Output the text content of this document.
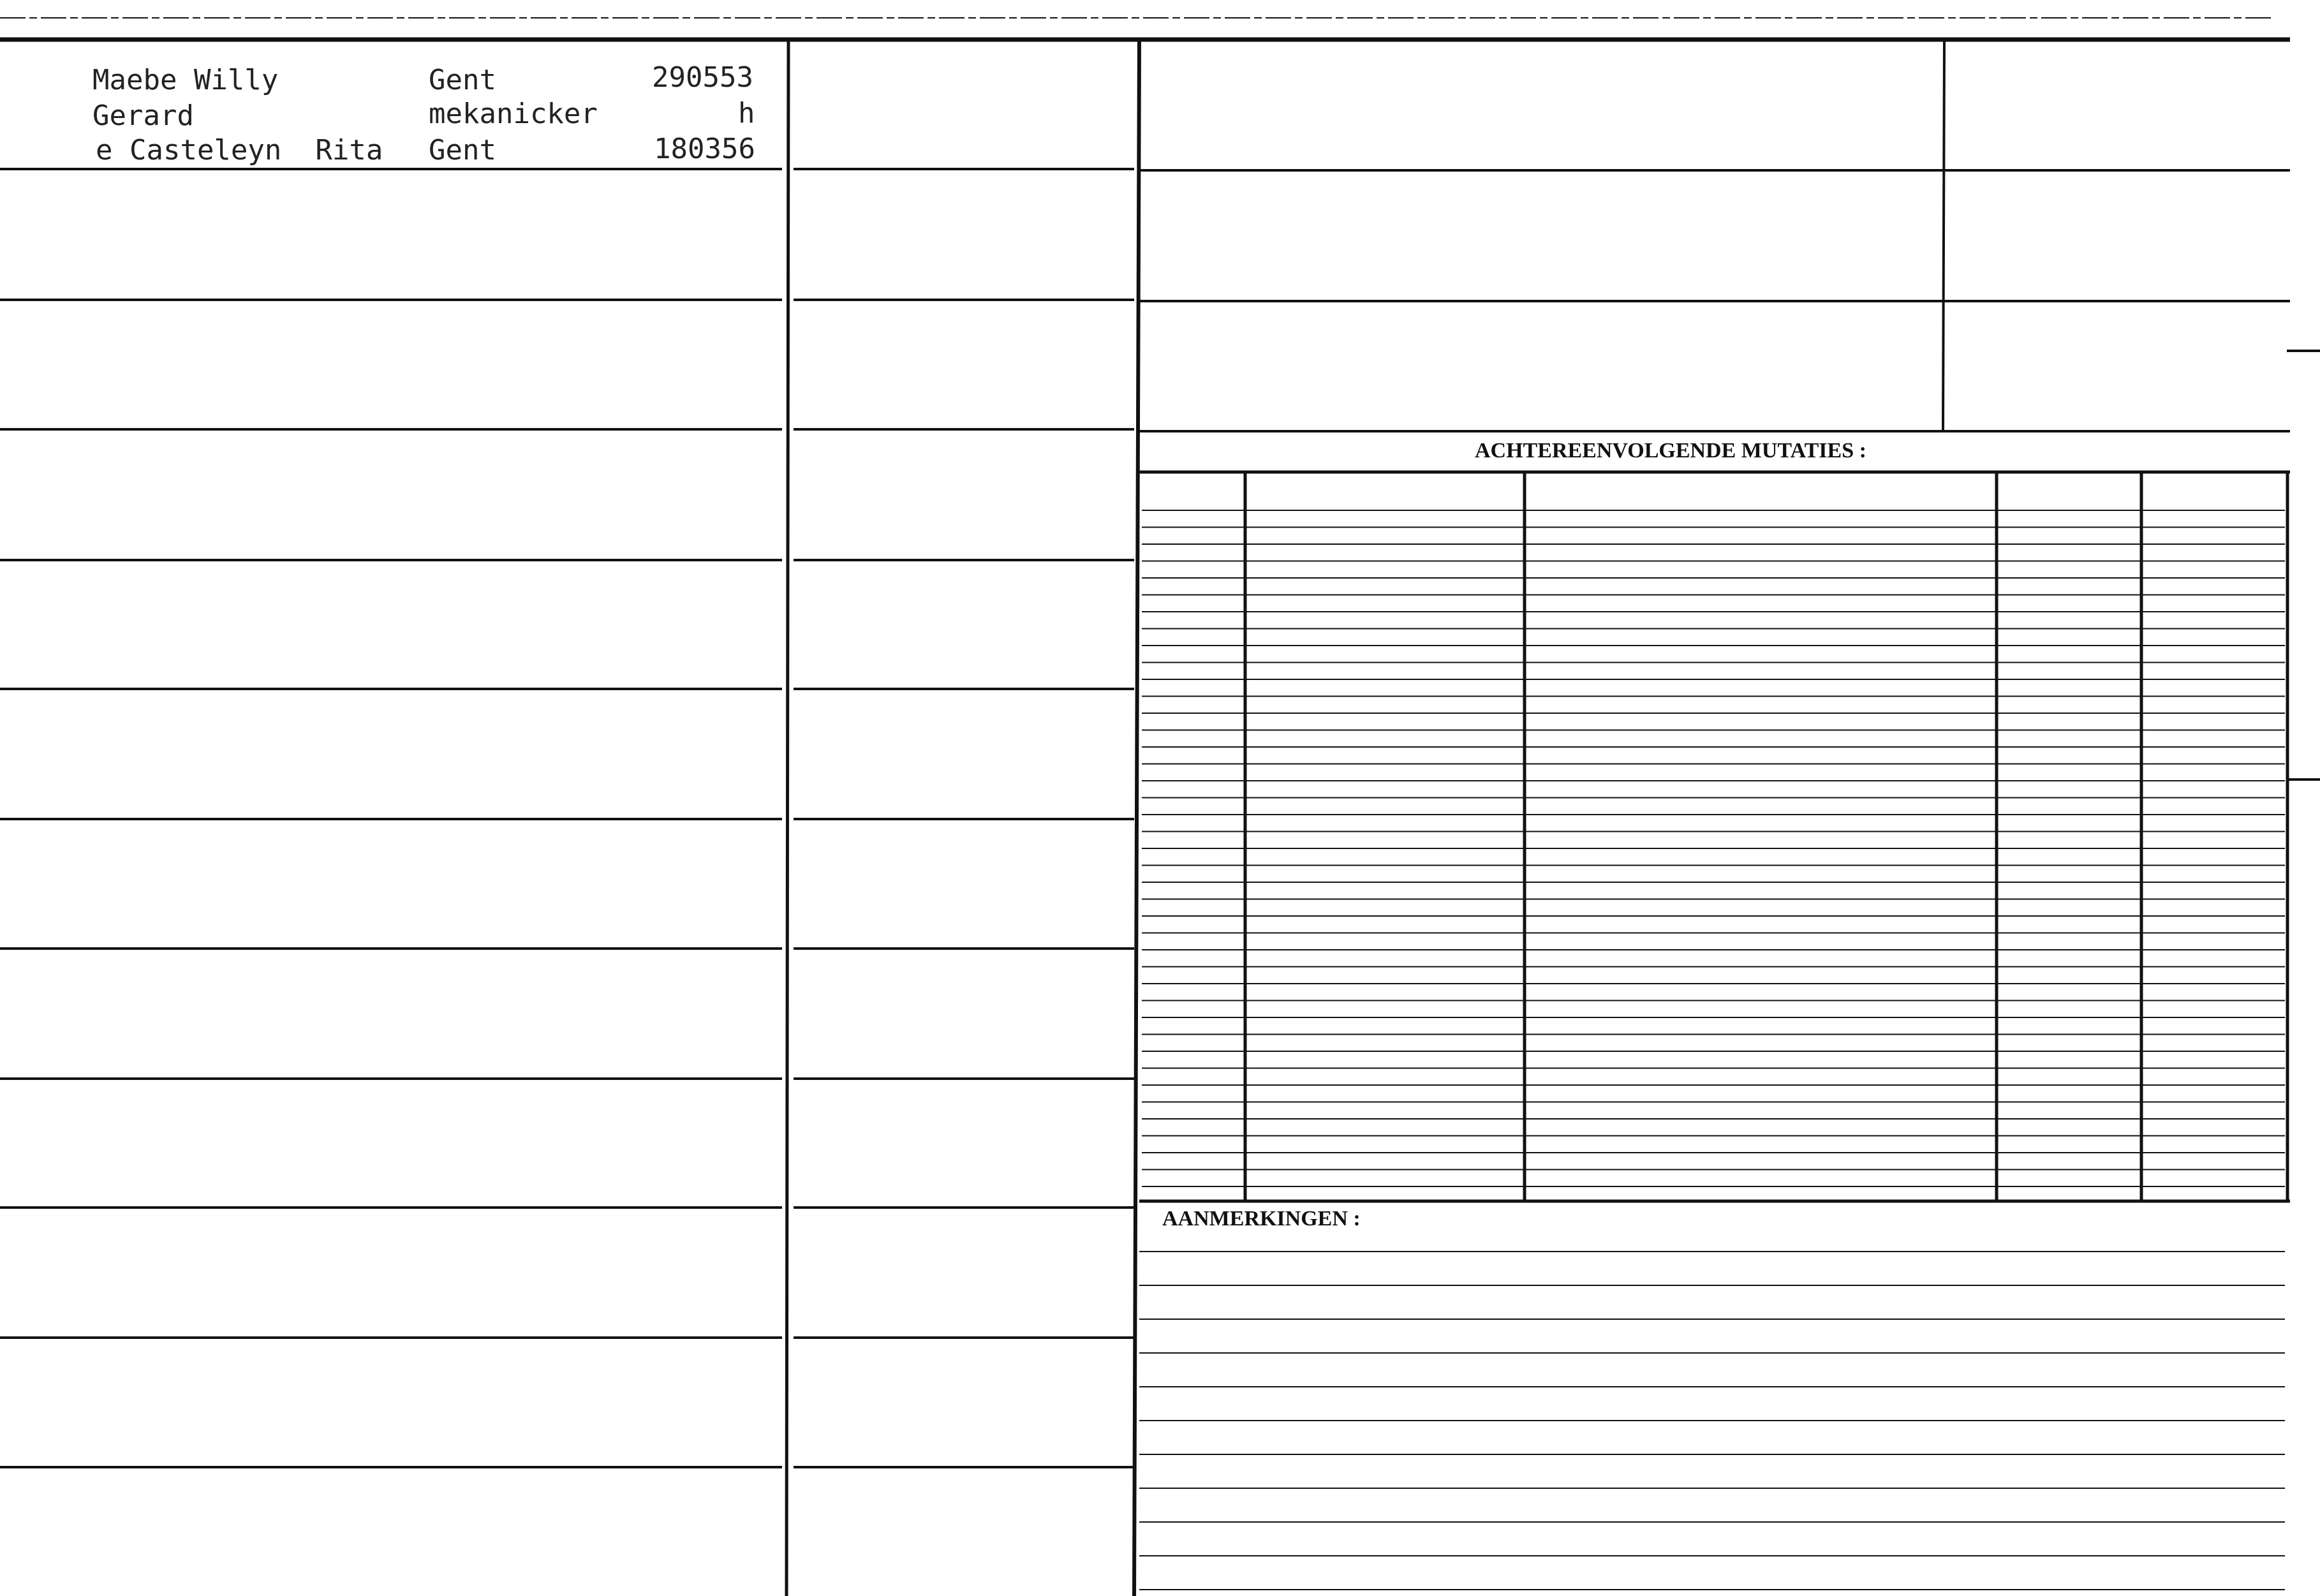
Maebe Willy
Gerard
e Casteleyn  Rita
Gent
mekanicker
Gent
290553
h
180356
ACHTEREENVOLGENDE MUTATIES :
AANMERKINGEN :
